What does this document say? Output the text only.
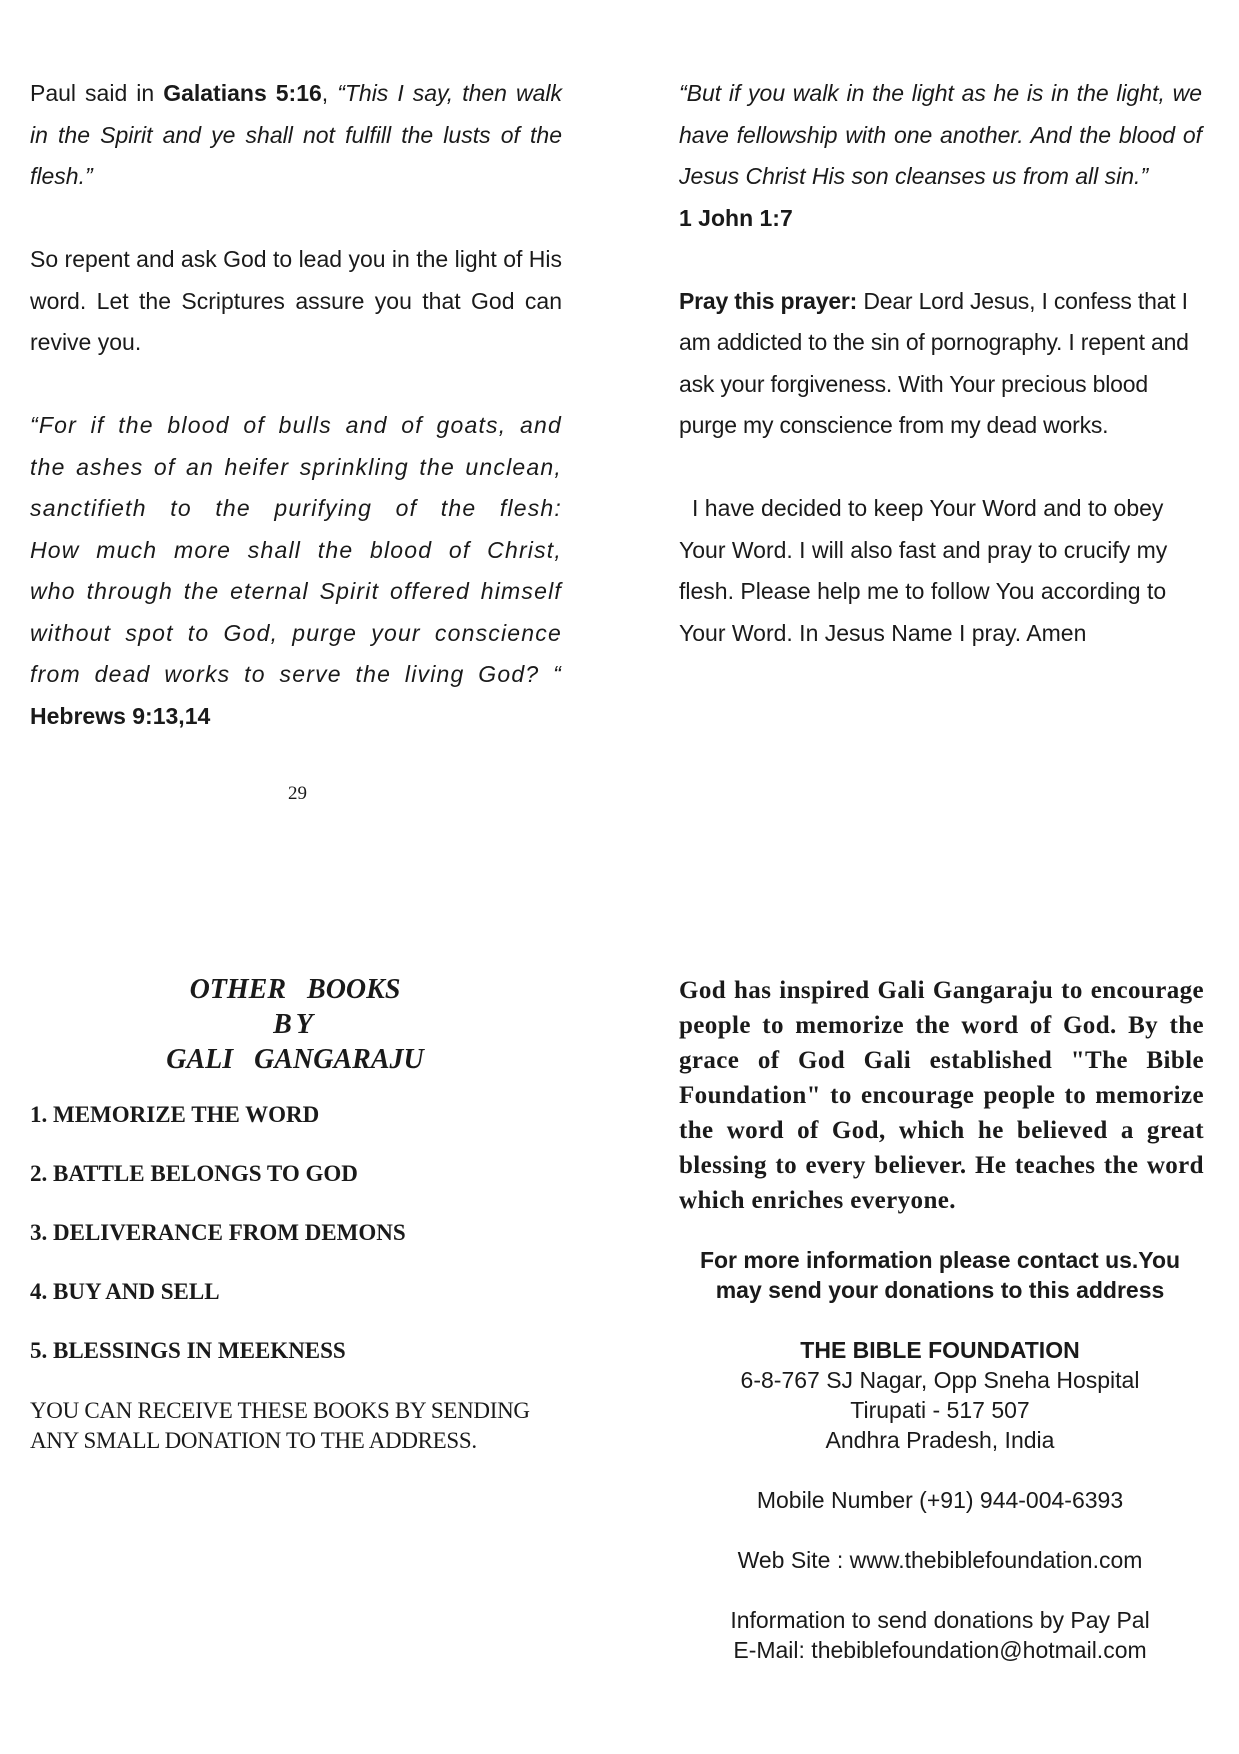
Paul said in Galatians 5:16, “This I say, then walk in the Spirit and ye shall not fulfill the lusts of the flesh.”

So repent and ask God to lead you in the light of His word. Let the Scriptures assure you that God can revive you.

“For if the blood of bulls and of goats, and the ashes of an heifer sprinkling the unclean, sanctifieth to the purifying of the flesh:       How much more shall the blood of Christ, who through the eternal Spirit offered himself without spot to God, purge your conscience from dead works to serve the living God? “ Hebrews 9:13,14

“But if you walk in the light as he is in the light, we have fellowship with one another. And the blood of Jesus Christ His son cleanses us from all sin.”

1 John 1:7

Pray this prayer: Dear Lord Jesus, I confess that I am addicted to the sin of pornography. I repent and ask your forgiveness. With Your precious blood purge my conscience from my dead works.

I have decided to keep Your Word and to obey Your Word. I will also fast and pray to crucify my flesh. Please help me to follow You according to Your Word. In Jesus Name I pray. Amen

29
OTHER BOOKS
BY
GALI GANGARAJU
1. MEMORIZE THE WORD
2. BATTLE BELONGS TO GOD
3. DELIVERANCE FROM DEMONS
4. BUY AND SELL
5. BLESSINGS IN MEEKNESS
YOU CAN RECEIVE THESE BOOKS BY SENDING ANY SMALL DONATION TO THE ADDRESS.

God has inspired Gali Gangaraju to encourage people to memorize the word of God. By the grace of God Gali established "The Bible Foundation" to encourage people to memorize the word of God, which he believed a great blessing to every believer. He teaches the word which enriches everyone.

For more information please contact us.You
may send your donations to this address
THE BIBLE FOUNDATION
6-8-767 SJ Nagar, Opp Sneha Hospital
Tirupati - 517 507
Andhra Pradesh, India
Mobile Number (+91) 944-004-6393
Web Site : www.thebiblefoundation.com
Information to send donations by Pay Pal
E-Mail: thebiblefoundation@hotmail.com
